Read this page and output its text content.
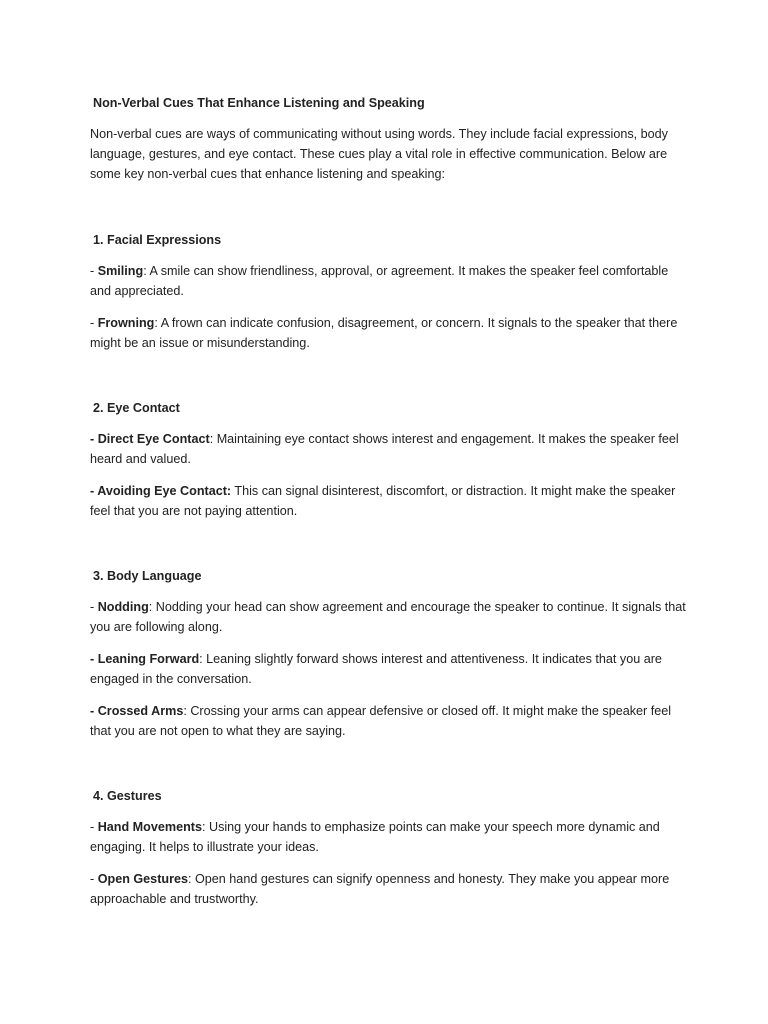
Non-Verbal Cues That Enhance Listening and Speaking
Non-verbal cues are ways of communicating without using words. They include facial expressions, body language, gestures, and eye contact. These cues play a vital role in effective communication. Below are some key non-verbal cues that enhance listening and speaking:
1. Facial Expressions

- Smiling: A smile can show friendliness, approval, or agreement. It makes the speaker feel comfortable and appreciated.

- Frowning: A frown can indicate confusion, disagreement, or concern. It signals to the speaker that there might be an issue or misunderstanding.

2. Eye Contact

- Direct Eye Contact: Maintaining eye contact shows interest and engagement. It makes the speaker feel heard and valued.

- Avoiding Eye Contact: This can signal disinterest, discomfort, or distraction. It might make the speaker feel that you are not paying attention.

3. Body Language

- Nodding: Nodding your head can show agreement and encourage the speaker to continue. It signals that you are following along.

- Leaning Forward: Leaning slightly forward shows interest and attentiveness. It indicates that you are engaged in the conversation.

- Crossed Arms: Crossing your arms can appear defensive or closed off. It might make the speaker feel that you are not open to what they are saying.

4. Gestures

- Hand Movements: Using your hands to emphasize points can make your speech more dynamic and engaging. It helps to illustrate your ideas.

- Open Gestures: Open hand gestures can signify openness and honesty. They make you appear more approachable and trustworthy.
